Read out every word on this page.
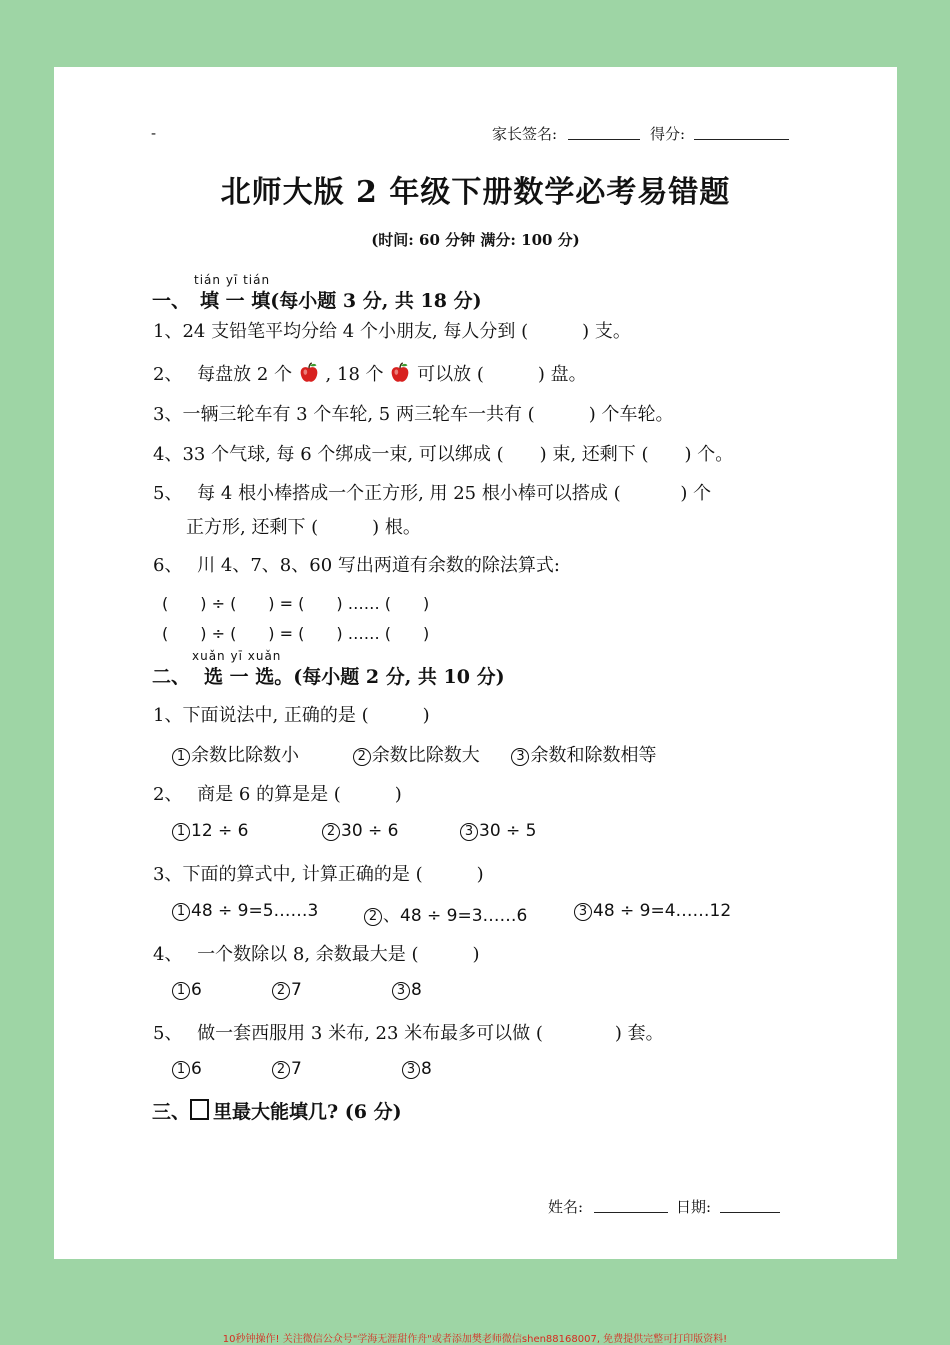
-	家长签名:	得分:
北师大版 2 年级下册数学必考易错题
(时间: 60 分钟 满分: 100 分)
tián yī tián
一、 填 一 填(每小题 3 分, 共 18 分)
1、24 支铅笔平均分给 4 个小朋友, 每人分到 (　　　) 支。
2、　 每盘放 2 个 , 18 个 可以放 (　　　) 盘。
3、一辆三轮车有 3 个车轮, 5 两三轮车一共有 (　　　) 个车轮。
4、33 个气球, 每 6 个绑成一束, 可以绑成 (　　) 束, 还剩下 (　　) 个。
5、　 每 4 根小棒搭成一个正方形, 用 25 根小棒可以搭成 (　　　 ) 个
正方形, 还剩下 (　　　) 根。
6、　 川 4、7、8、60 写出两道有余数的除法算式:
(　　) ÷ (　　) = (　　) …… (　　)
(　　) ÷ (　　) = (　　) …… (　　)
xuǎn yī xuǎn
二、 选 一 选。(每小题 2 分, 共 10 分)
1、下面说法中, 正确的是 (　　　)
1 余数比除数小	2 余数比除数大	3 余数和除数相等
2、　 商是 6 的算是是 (　　　)
1 12 ÷ 6	2 30 ÷ 6	3 30 ÷ 5
3、下面的算式中, 计算正确的是 (　　　)
1 48 ÷ 9=5……3	2 、48 ÷ 9=3……6	3 48 ÷ 9=4……12
4、　 一个数除以 8, 余数最大是 (　　　)
1 6	2 7	3 8
5、　 做一套西服用 3 米布, 23 米布最多可以做 (　　　　) 套。
1 6	2 7	3 8
三、 里最大能填几? (6 分)
姓名:	日期:
10秒钟操作! 关注微信公众号"学海无涯甜作舟"或者添加樊老师微信shen88168007, 免费提供完整可打印版资料!
